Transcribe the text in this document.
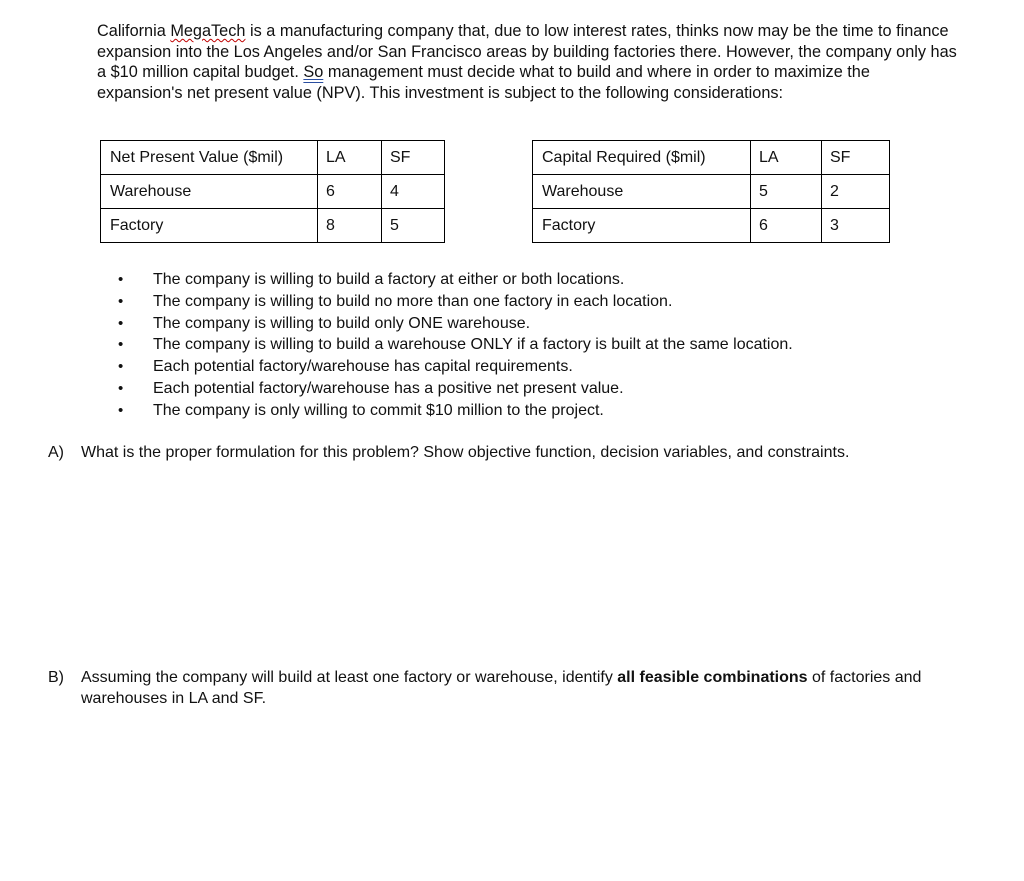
California MegaTech is a manufacturing company that, due to low interest rates, thinks now may be the time to finance expansion into the Los Angeles and/or San Francisco areas by building factories there. However, the company only has a $10 million capital budget. So management must decide what to build and where in order to maximize the expansion's net present value (NPV). This investment is subject to the following considerations:

Net Present Value ($mil)	LA	SF
Warehouse	6	4
Factory	8	5
Capital Required ($mil)	LA	SF
Warehouse	5	2
Factory	6	3
• The company is willing to build a factory at either or both locations.
• The company is willing to build no more than one factory in each location.
• The company is willing to build only ONE warehouse.
• The company is willing to build a warehouse ONLY if a factory is built at the same location.
• Each potential factory/warehouse has capital requirements.
• Each potential factory/warehouse has a positive net present value.
• The company is only willing to commit $10 million to the project.

A) What is the proper formulation for this problem? Show objective function, decision variables, and constraints.

B) Assuming the company will build at least one factory or warehouse, identify all feasible combinations of factories and warehouses in LA and SF.
